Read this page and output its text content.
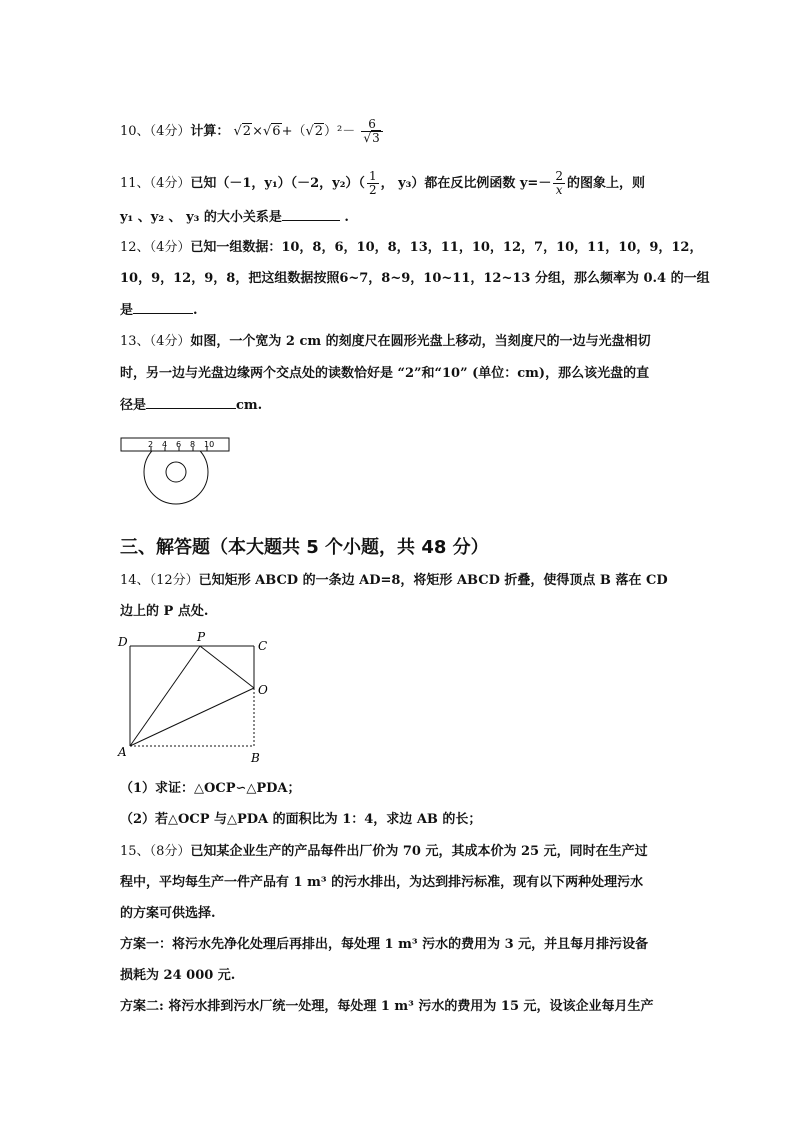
10、（4分）计算： $√2\times√6+(√2)^2- \frac{6}{√3}$
11、（4分）已知（－1，y₁）（－2，$y_2)( \frac{1}{2}$ ， y₃）都在反比例函数 $y=- \frac{2}{x}$ 的图象上，则
y₁ 、y₂ 、 y₃ 的大小关系是	.
12、（4分）已知一组数据：10，8，6，10，8，13，11，10，12，7，10，11，10，9，12，
10，9，12，9，8，把这组数据按照6~7，8~9，10~11，12~13 分组，那么频率为 0.4 的一组
是	.
13、（4分）如图，一个宽为 2 cm 的刻度尺在圆形光盘上移动，当刻度尺的一边与光盘相切
时，另一边与光盘边缘两个交点处的读数恰好是 “2”和“10” (单位：cm)，那么该光盘的直
径是	cm.
2 4 6 8 10
三、解答题（本大题共 5 个小题，共 48 分）
14、（12分）已知矩形 ABCD 的一条边 AD=8，将矩形 ABCD 折叠，使得顶点 B 落在 CD
边上的 P 点处.
D	P
C
O
A	B
（1）求证：△OCP∽△PDA；
（2）若△OCP 与△PDA 的面积比为 1：4，求边 AB 的长；
15、（8分）已知某企业生产的产品每件出厂价为 70 元，其成本价为 25 元，同时在生产过
程中，平均每生产一件产品有 1 m³ 的污水排出，为达到排污标准，现有以下两种处理污水
的方案可供选择.
方案一：将污水先净化处理后再排出，每处理 1 m³ 污水的费用为 3 元，并且每月排污设备
损耗为 24 000 元.
方案二: 将污水排到污水厂统一处理，每处理 1 m³ 污水的费用为 15 元，设该企业每月生产
